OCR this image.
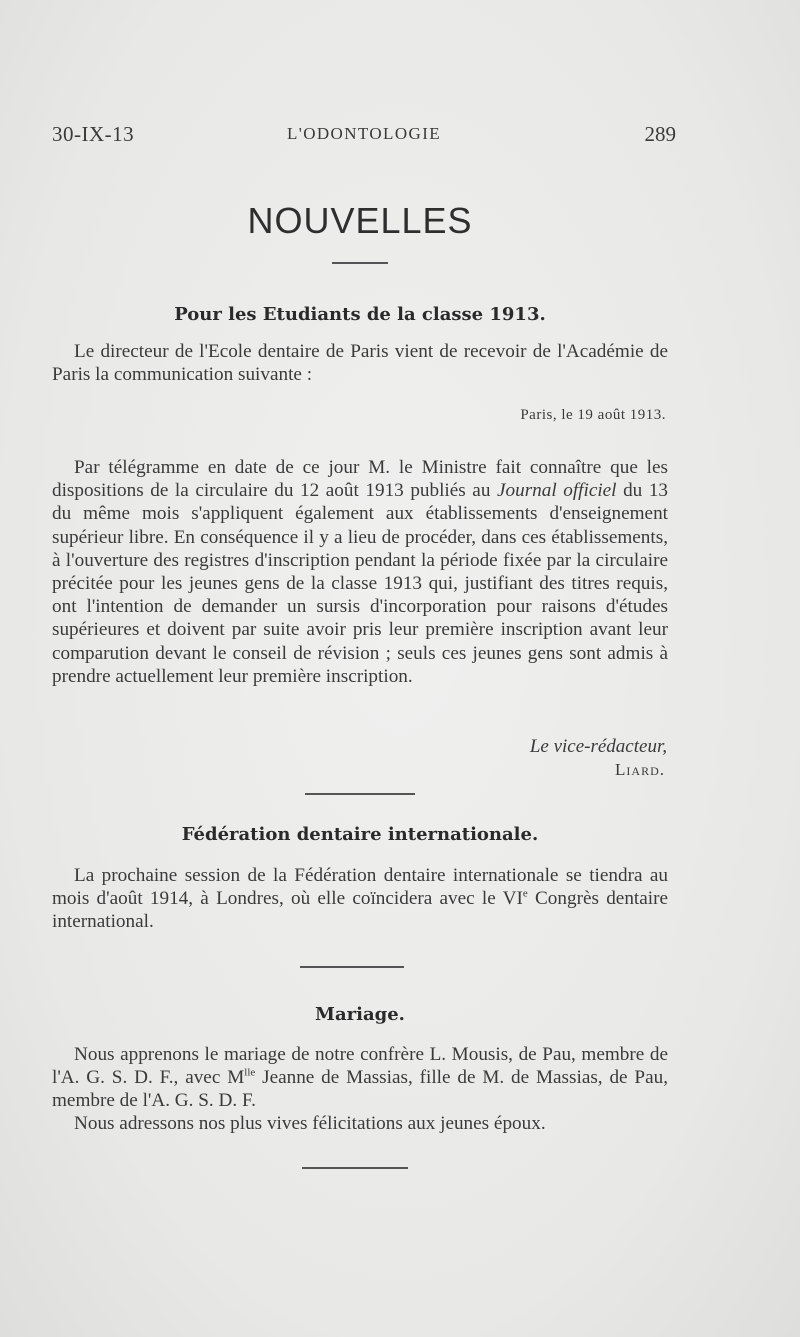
30-IX-13	L'ODONTOLOGIE	289
NOUVELLES
Pour les Etudiants de la classe 1913.

Le directeur de l'Ecole dentaire de Paris vient de recevoir de l'Académie de Paris la communication suivante :

Paris, le 19 août 1913.

Par télégramme en date de ce jour M. le Ministre fait connaître que les dispositions de la circulaire du 12 août 1913 publiés au Journal officiel du 13 du même mois s'appliquent également aux établissements d'enseignement supérieur libre. En conséquence il y a lieu de procéder, dans ces établissements, à l'ouverture des registres d'inscription pendant la période fixée par la circulaire précitée pour les jeunes gens de la classe 1913 qui, justifiant des titres requis, ont l'intention de demander un sursis d'incorporation pour raisons d'études supérieures et doivent par suite avoir pris leur première inscription avant leur comparution devant le conseil de révision ; seuls ces jeunes gens sont admis à prendre actuellement leur première inscription.

Le vice-rédacteur,
Liard.
Fédération dentaire internationale.

La prochaine session de la Fédération dentaire internationale se tiendra au mois d'août 1914, à Londres, où elle coïncidera avec le VIe Congrès dentaire international.

Mariage.

Nous apprenons le mariage de notre confrère L. Mousis, de Pau, membre de l'A. G. S. D. F., avec $M^{lle}$ Jeanne de Massias, fille de M. de Massias, de Pau, membre de l'A. G. S. D. F.

Nous adressons nos plus vives félicitations aux jeunes époux.
